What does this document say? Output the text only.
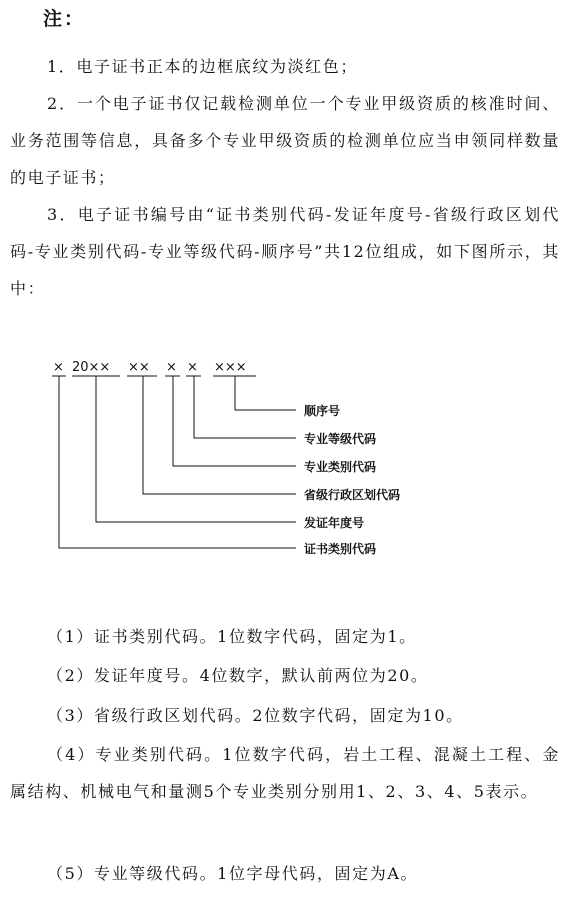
注：
1．电子证书正本的边框底纹为淡红色；
2．一个电子证书仅记载检测单位一个专业甲级资质的核准时间、业务范围等信息，具备多个专业甲级资质的检测单位应当申领同样数量的电子证书；
3．电子证书编号由“证书类别代码-发证年度号-省级行政区划代码-专业类别代码-专业等级代码-顺序号”共12位组成，如下图所示，其中：
× 20×× ×× × × ×××
顺序号
专业等级代码
专业类别代码
省级行政区划代码
发证年度号
证书类别代码
（1）证书类别代码。1位数字代码，固定为1。
（2）发证年度号。4位数字，默认前两位为20。
（3）省级行政区划代码。2位数字代码，固定为10。
（4）专业类别代码。1位数字代码，岩土工程、混凝土工程、金属结构、机械电气和量测5个专业类别分别用1、2、3、4、5表示。
（5）专业等级代码。1位字母代码，固定为A。
